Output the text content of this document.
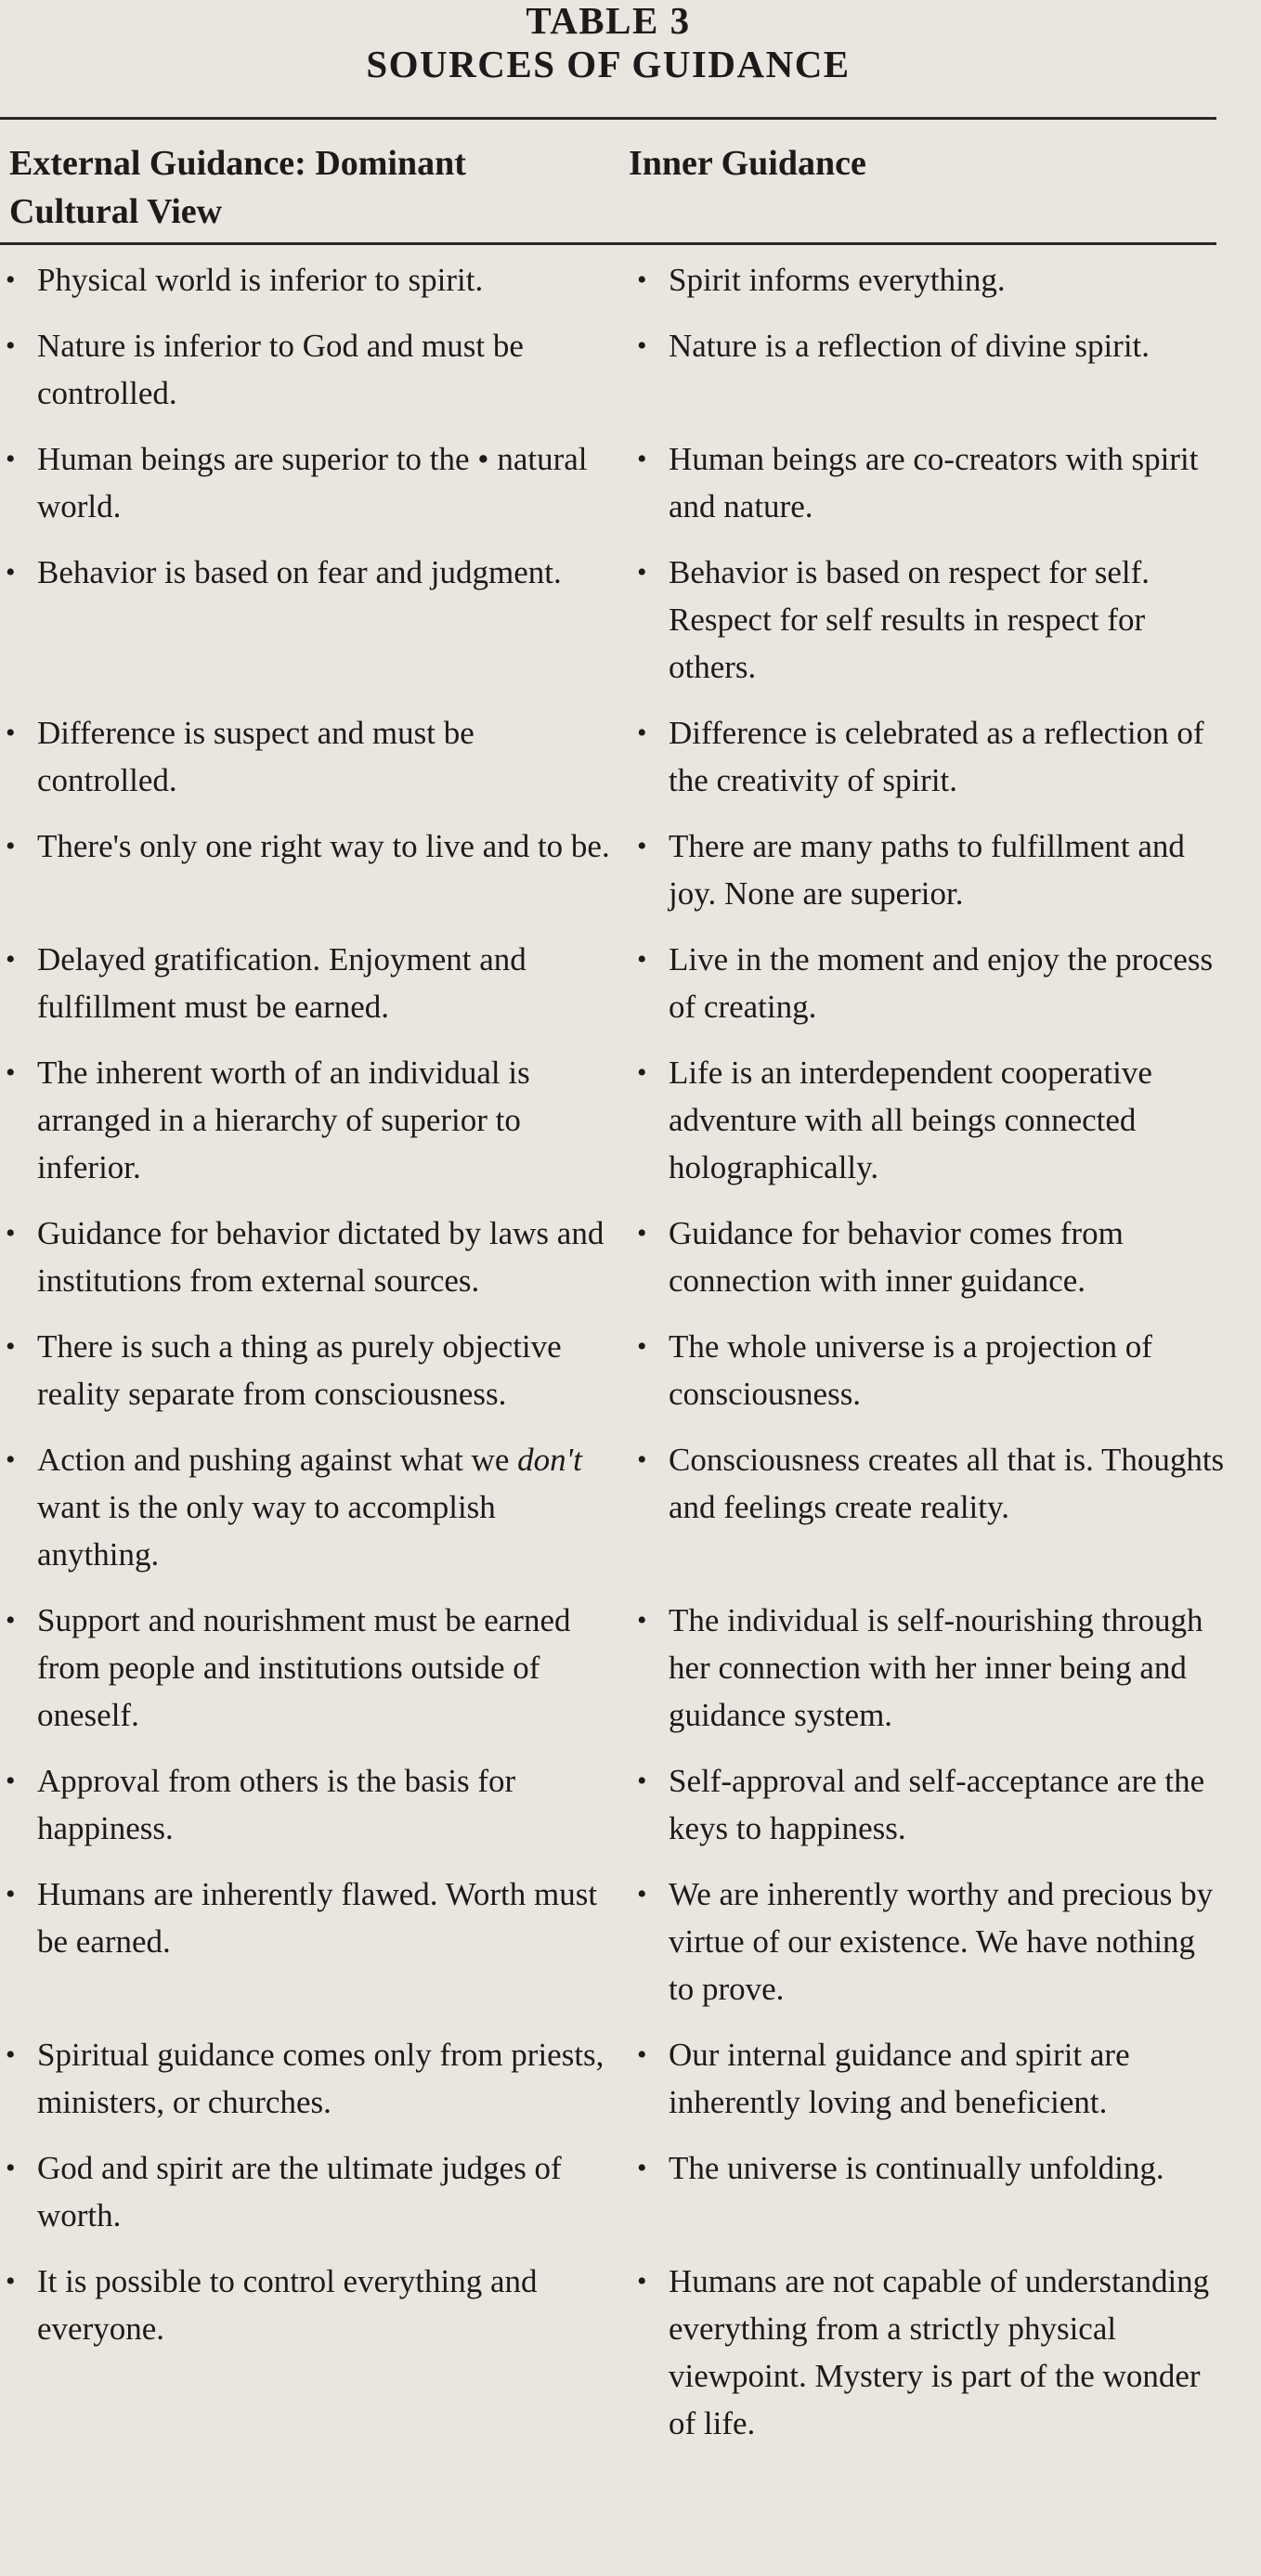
TABLE 3
SOURCES OF GUIDANCE
External Guidance: Dominant Cultural View
Inner Guidance
• Physical world is inferior to spirit.	• Spirit informs everything.
• Nature is inferior to God and must be controlled.
• Nature is a reflection of divine spirit.
• Human beings are superior to the • natural world.
• Human beings are co-creators with spirit and nature.
• Behavior is based on fear and judgment.	• Behavior is based on respect for self. Respect for self results in respect for others.
• Difference is suspect and must be controlled.
• Difference is celebrated as a reflection of the creativity of spirit.
• There's only one right way to live and to be. • There are many paths to fulfillment and joy. None are superior.
• Delayed gratification. Enjoyment and fulfillment must be earned.
• Live in the moment and enjoy the process of creating.
• The inherent worth of an individual is arranged in a hierarchy of superior to inferior.
• Life is an interdependent cooperative adventure with all beings connected holographically.
• Guidance for behavior dictated by laws and institutions from external sources.
• Guidance for behavior comes from connection with inner guidance.
• There is such a thing as purely objective reality separate from consciousness.
• The whole universe is a projection of consciousness.
• Action and pushing against what we don't want is the only way to accomplish anything.
• Consciousness creates all that is. Thoughts and feelings create reality.
• Support and nourishment must be earned from people and institutions outside of oneself.
• The individual is self-nourishing through her connection with her inner being and guidance system.
• Approval from others is the basis for happiness.
• Self-approval and self-acceptance are the keys to happiness.
• Humans are inherently flawed. Worth must be earned.
• We are inherently worthy and precious by virtue of our existence. We have nothing to prove.
• Spiritual guidance comes only from priests, ministers, or churches.
• Our internal guidance and spirit are inherently loving and beneficient.
• God and spirit are the ultimate judges of worth.
• The universe is continually unfolding.
• It is possible to control everything and everyone.
• Humans are not capable of understanding everything from a strictly physical viewpoint. Mystery is part of the wonder of life.
